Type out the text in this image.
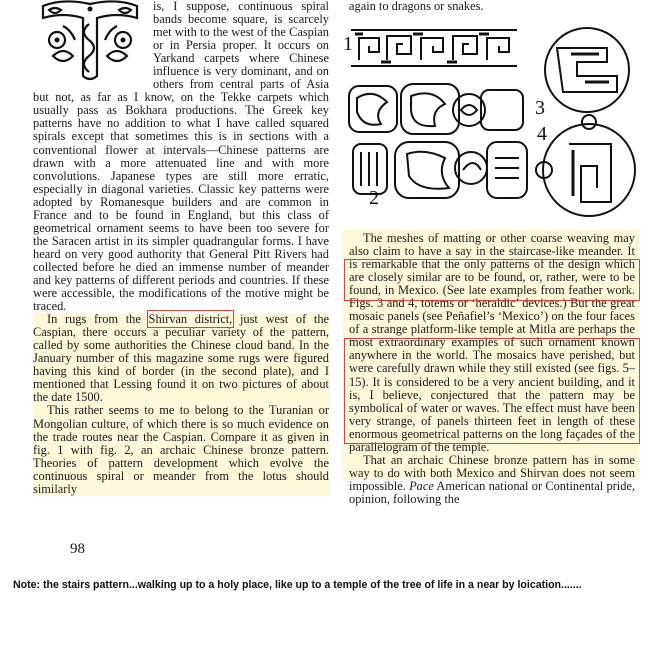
is, I suppose, continuous spiral bands become square, is scarcely met with to the west of the Caspian or in Persia proper. It occurs on Yarkand carpets where Chinese influence is very dominant, and on others from central parts of Asia but not, as far as I know, on the Tekke carpets which usually pass as Bokhara productions. The Greek key patterns have no addition to what I have called squared spirals except that sometimes this is in sections with a conventional flower at intervals—Chinese patterns are drawn with a more attenuated line and with more convolutions. Japanese types are still more erratic, especially in diagonal varieties. Classic key patterns were adopted by Romanesque builders and are common in France and to be found in England, but this class of geometrical ornament seems to have been too severe for the Saracen artist in its simpler quadrangular forms. I have heard on very good authority that General Pitt Rivers had collected before he died an immense number of meander and key patterns of different periods and countries. If these were accessible, the modifications of the motive might be traced.

In rugs from the Shirvan district, just west of the Caspian, there occurs a peculiar variety of the pattern, called by some authorities the Chinese cloud band. In the January number of this magazine some rugs were figured having this kind of border (in the second plate), and I mentioned that Lessing found it on two pictures of about the date 1500.

This rather seems to me to belong to the Turanian or Mongolian culture, of which there is so much evidence on the trade routes near the Caspian. Compare it as given in fig. 1 with fig. 2, an archaic Chinese bronze pattern. Theories of pattern development which evolve the continuous spiral or meander from the lotus should similarly

again to dragons or snakes.

1
2
3
4

The meshes of matting or other coarse weaving may also claim to have a say in the staircase-like meander. It is remarkable that the only patterns of the design which are closely similar are to be found, or, rather, were to be found, in Mexico. (See late examples from feather work. Figs. 3 and 4, totems or ‘heraldic’ devices.) But the great mosaic panels (see Peñafiel’s ‘Mexico’) on the four faces of a strange platform-like temple at Mitla are perhaps the most extraordinary examples of such ornament known anywhere in the world. The mosaics have perished, but were carefully drawn while they still existed (see figs. 5–15). It is considered to be a very ancient building, and it is, I believe, conjectured that the pattern may be symbolical of water or waves. The effect must have been very strange, of panels thirteen feet in length of these enormous geometrical patterns on the long façades of the parallelogram of the temple.

That an archaic Chinese bronze pattern has in some way to do with both Mexico and Shirvan does not seem impossible. Pace American national or Continental pride, opinion, following the

98
Note: the stairs pattern...walking up to a holy place, like up to a temple of the tree of life in a near by loication.......
